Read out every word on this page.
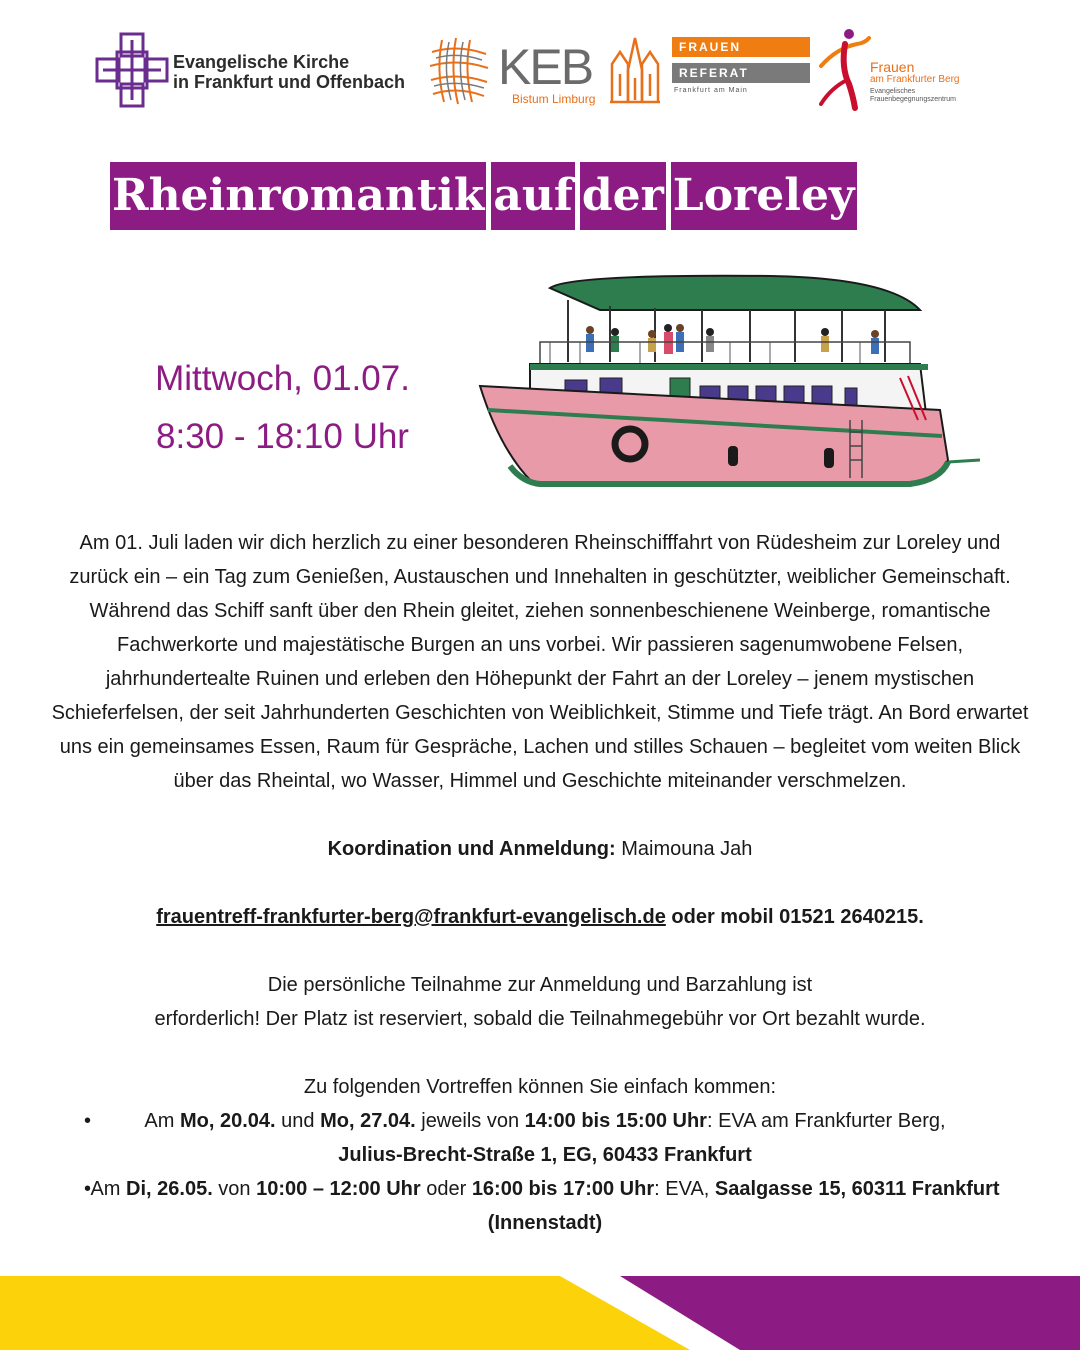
Evangelische Kirche
in Frankfurt und Offenbach KEB
Bistum Limburg
FRAUEN
REFERAT
Frankfurt am Main
Frauen
am Frankfurter Berg
Evangelisches
Frauenbegegnungszentrum
Rheinromantik auf der Loreley
Mittwoch, 01.07.
8:30 - 18:10 Uhr

Am 01. Juli laden wir dich herzlich zu einer besonderen Rheinschifffahrt von Rüdesheim zur Loreley und zurück ein – ein Tag zum Genießen, Austauschen und Innehalten in geschützter, weiblicher Gemeinschaft. Während das Schiff sanft über den Rhein gleitet, ziehen sonnenbeschienene Weinberge, romantische Fachwerkorte und majestätische Burgen an uns vorbei. Wir passieren sagenumwobene Felsen, jahrhundertealte Ruinen und erleben den Höhepunkt der Fahrt an der Loreley – jenem mystischen Schieferfelsen, der seit Jahrhunderten Geschichten von Weiblichkeit, Stimme und Tiefe trägt. An Bord erwartet uns ein gemeinsames Essen, Raum für Gespräche, Lachen und stilles Schauen – begleitet vom weiten Blick über das Rheintal, wo Wasser, Himmel und Geschichte miteinander verschmelzen.

Koordination und Anmeldung: Maimouna Jah

frauentreff-frankfurter-berg@frankfurt-evangelisch.de oder mobil 01521 2640215.

Die persönliche Teilnahme zur Anmeldung und Barzahlung ist

erforderlich! Der Platz ist reserviert, sobald die Teilnahmegebühr vor Ort bezahlt wurde.

Zu folgenden Vortreffen können Sie einfach kommen:

• Am Mo, 20.04. und Mo, 27.04. jeweils von 14:00 bis 15:00 Uhr: EVA am Frankfurter Berg,
Julius-Brecht-Straße 1, EG, 60433 Frankfurt
• Am Di, 26.05. von 10:00 – 12:00 Uhr oder 16:00 bis 17:00 Uhr: EVA, Saalgasse 15, 60311 Frankfurt (Innenstadt)
